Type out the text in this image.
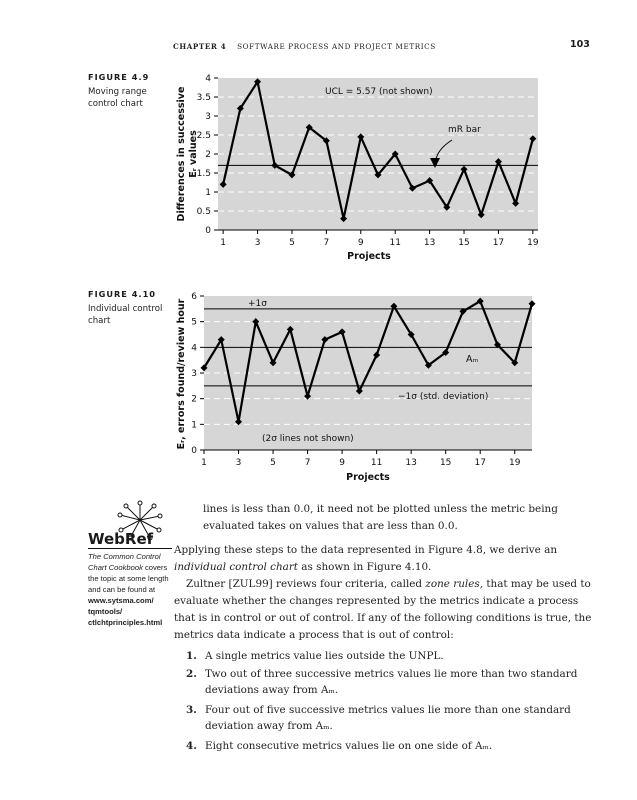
CHAPTER 4 SOFTWARE PROCESS AND PROJECT METRICS	103
FIGURE 4.9
Moving range control chart
0
0.5
1
1.5
2
2.5
3
3.5
4
1	3	5	7	9	11	13	15	17	19
UCL = 5.57 (not shown)
mR bar
Projects
Differences in successive Eᵣ values
FIGURE 4.10
Individual control chart
0
1
2
3
4
5
6
1	3	5	7	9	11	13	15	17	19
+1σ
Aₘ
−1σ (std. deviation)
(2σ lines not shown)
Projects
Eᵣ, errors found/review hour
WebRef
The Common Control Chart Cookbook covers the topic at some length and can be found at
www.sytsma.com/
tqmtools/
ctlchtprinciples.html

lines is less than 0.0, it need not be plotted unless the metric being evaluated takes on values that are less than 0.0.

Applying these steps to the data represented in Figure 4.8, we derive an individual control chart as shown in Figure 4.10.

Zultner [ZUL99] reviews four criteria, called zone rules, that may be used to evaluate whether the changes represented by the metrics indicate a process that is in control or out of control. If any of the following conditions is true, the metrics data indicate a process that is out of control:

1. A single metrics value lies outside the UNPL.
2. Two out of three successive metrics values lie more than two standard deviations away from Aₘ.
3. Four out of five successive metrics values lie more than one standard deviation away from Aₘ.
4. Eight consecutive metrics values lie on one side of Aₘ.
